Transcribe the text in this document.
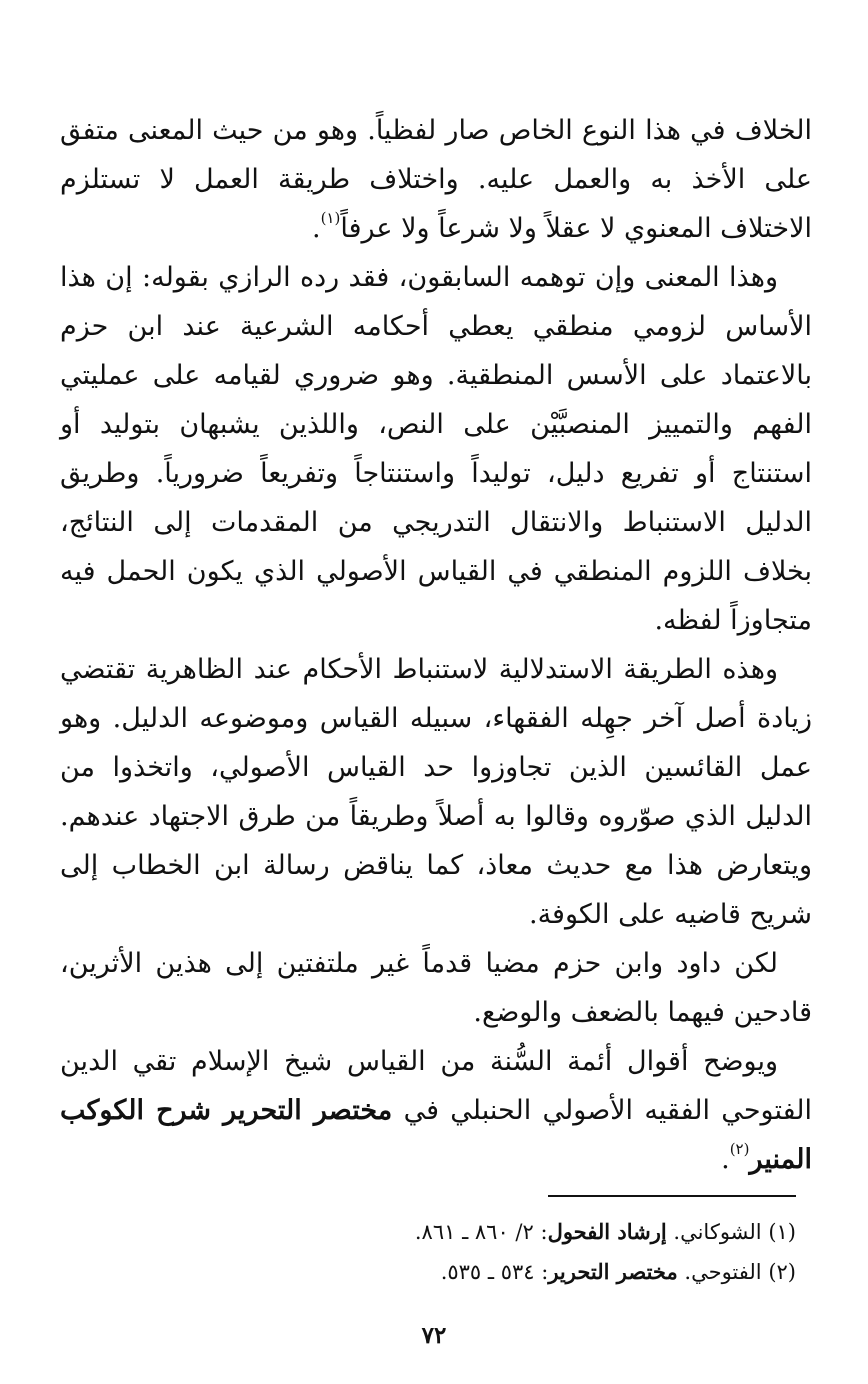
الخلاف في هذا النوع الخاص صار لفظياً. وهو من حيث المعنى متفق على الأخذ به والعمل عليه. واختلاف طريقة العمل لا تستلزم الاختلاف المعنوي لا عقلاً ولا شرعاً ولا عرفاً$^{(١)}$.

وهذا المعنى وإن توهمه السابقون، فقد رده الرازي بقوله: إن هذا الأساس لزومي منطقي يعطي أحكامه الشرعية عند ابن حزم بالاعتماد على الأسس المنطقية. وهو ضروري لقيامه على عمليتي الفهم والتمييز المنصبَّيْن على النص، واللذين يشبهان بتوليد أو استنتاج أو تفريع دليل، توليداً واستنتاجاً وتفريعاً ضرورياً. وطريق الدليل الاستنباط والانتقال التدريجي من المقدمات إلى النتائج، بخلاف اللزوم المنطقي في القياس الأصولي الذي يكون الحمل فيه متجاوزاً لفظه.

وهذه الطريقة الاستدلالية لاستنباط الأحكام عند الظاهرية تقتضي زيادة أصل آخر جهِله الفقهاء، سبيله القياس وموضوعه الدليل. وهو عمل القائسين الذين تجاوزوا حد القياس الأصولي، واتخذوا من الدليل الذي صوّروه وقالوا به أصلاً وطريقاً من طرق الاجتهاد عندهم. ويتعارض هذا مع حديث معاذ، كما يناقض رسالة ابن الخطاب إلى شريح قاضيه على الكوفة.

لكن داود وابن حزم مضيا قدماً غير ملتفتين إلى هذين الأثرين، قادحين فيهما بالضعف والوضع.

ويوضح أقوال أئمة السُّنة من القياس شيخ الإسلام تقي الدين الفتوحي الفقيه الأصولي الحنبلي في مختصر التحرير شرح الكوكب المنير$^{(٢)}$.

(١) الشوكاني. إرشاد الفحول: ٢/ ٨٦٠ ـ ٨٦١.

(٢) الفتوحي. مختصر التحرير: ٥٣٤ ـ ٥٣٥.

٧٢
